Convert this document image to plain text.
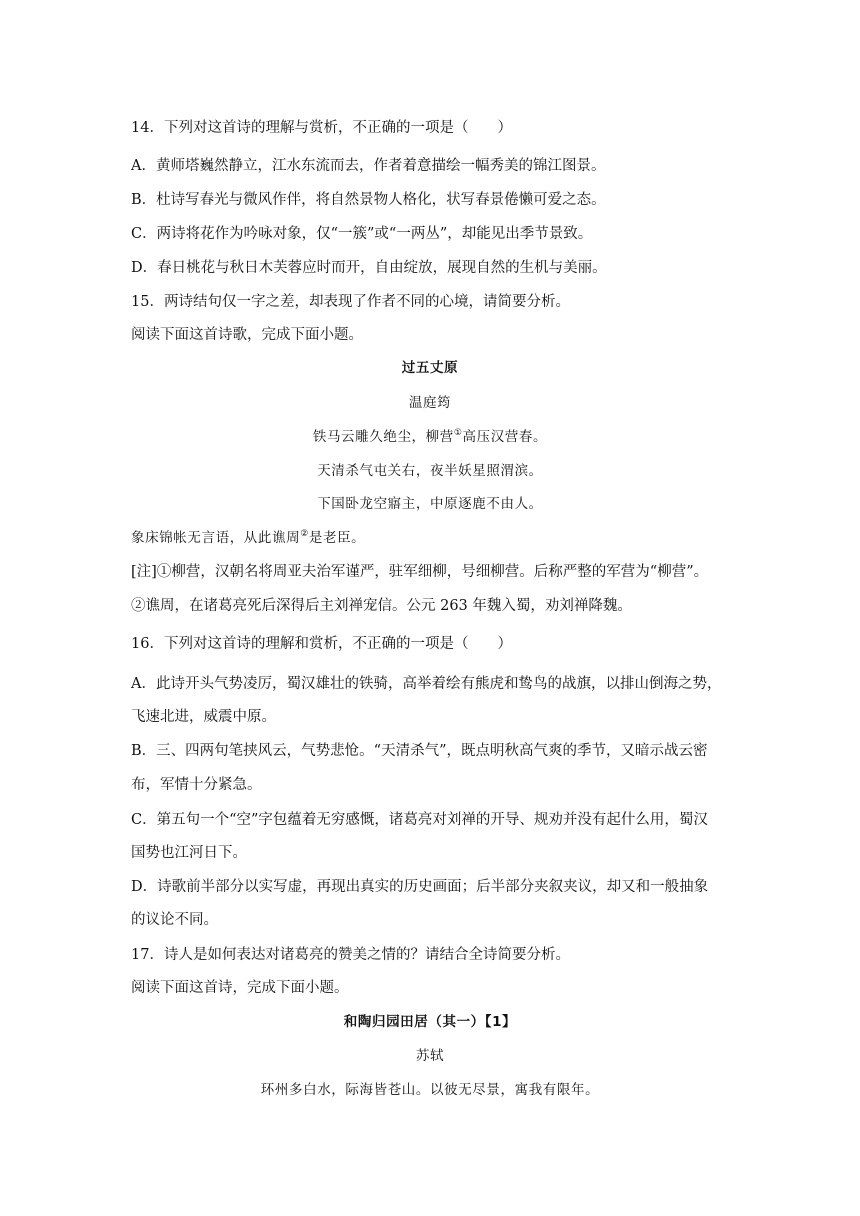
14．下列对这首诗的理解与赏析，不正确的一项是（　　）
A．黄师塔巍然静立，江水东流而去，作者着意描绘一幅秀美的锦江图景。
B．杜诗写春光与微风作伴，将自然景物人格化，状写春景倦懒可爱之态。
C．两诗将花作为吟咏对象，仅“一簇”或“一两丛”，却能见出季节景致。
D．春日桃花与秋日木芙蓉应时而开，自由绽放，展现自然的生机与美丽。
15．两诗结句仅一字之差，却表现了作者不同的心境，请简要分析。
阅读下面这首诗歌，完成下面小题。
过五丈原
温庭筠
铁马云雕久绝尘，柳营①高压汉营春。
天清杀气屯关右，夜半妖星照渭滨。
下国卧龙空寤主，中原逐鹿不由人。
象床锦帐无言语，从此谯周②是老臣。
[注]①柳营，汉朝名将周亚夫治军谨严，驻军细柳，号细柳营。后称严整的军营为“柳营”。
②谯周，在诸葛亮死后深得后主刘禅宠信。公元 263 年魏入蜀，劝刘禅降魏。
16．下列对这首诗的理解和赏析，不正确的一项是（　　）
A．此诗开头气势凌厉，蜀汉雄壮的铁骑，高举着绘有熊虎和鸷鸟的战旗，以排山倒海之势，
飞速北进，威震中原。
B．三、四两句笔挟风云，气势悲怆。“天清杀气”，既点明秋高气爽的季节，又暗示战云密
布，军情十分紧急。
C．第五句一个“空”字包蕴着无穷感慨，诸葛亮对刘禅的开导、规劝并没有起什么用，蜀汉
国势也江河日下。
D．诗歌前半部分以实写虚，再现出真实的历史画面；后半部分夹叙夹议，却又和一般抽象
的议论不同。
17．诗人是如何表达对诸葛亮的赞美之情的？请结合全诗简要分析。
阅读下面这首诗，完成下面小题。
和陶归园田居（其一）【1】
苏轼
环州多白水，际海皆苍山。以彼无尽景，寓我有限年。
